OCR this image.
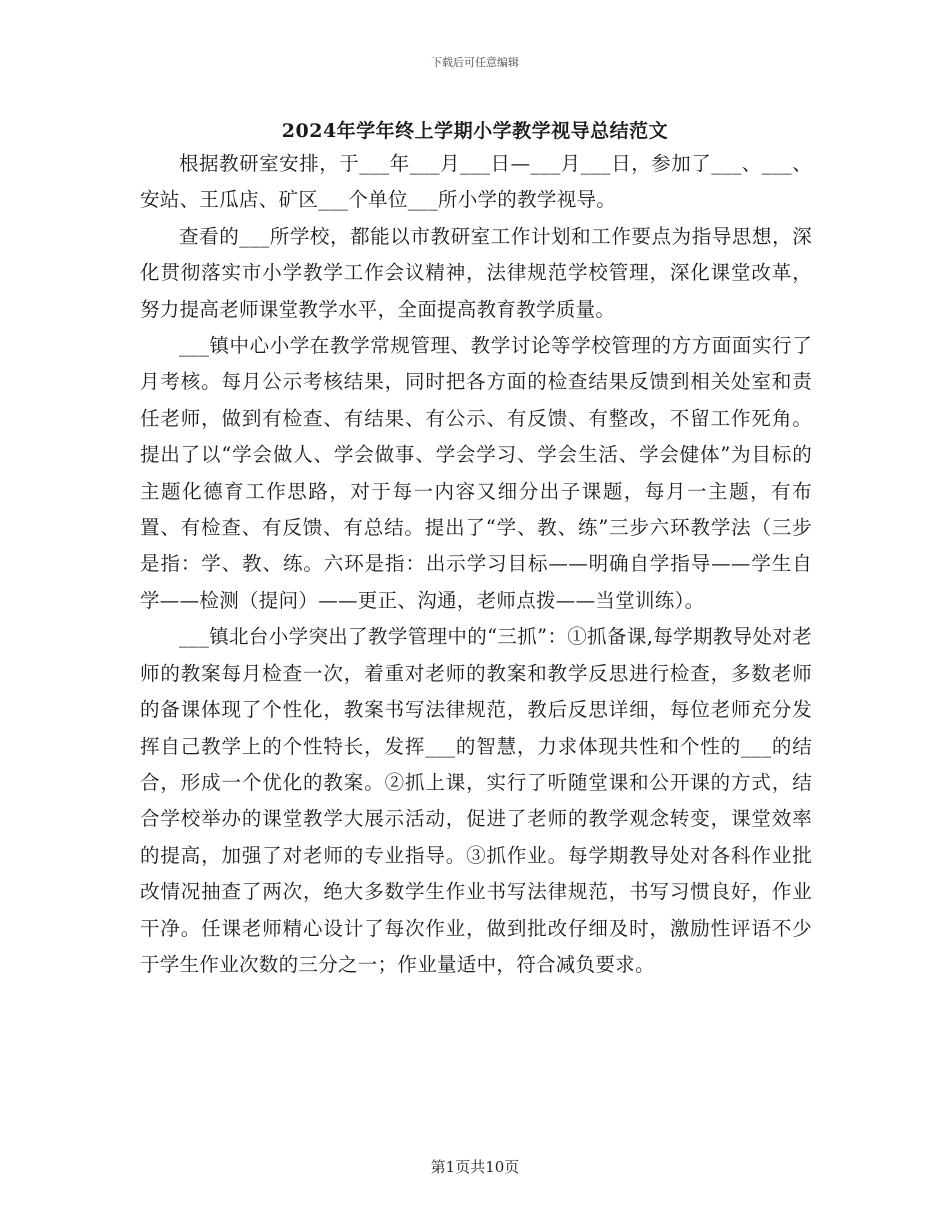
下载后可任意编辑
2024年学年终上学期小学教学视导总结范文

根据教研室安排，于___年___月___日—___月___日，参加了___、___、安站、王瓜店、矿区___个单位___所小学的教学视导。

查看的___所学校，都能以市教研室工作计划和工作要点为指导思想，深化贯彻落实市小学教学工作会议精神，法律规范学校管理，深化课堂改革，努力提高老师课堂教学水平，全面提高教育教学质量。

___镇中心小学在教学常规管理、教学讨论等学校管理的方方面面实行了月考核。每月公示考核结果，同时把各方面的检查结果反馈到相关处室和责任老师，做到有检查、有结果、有公示、有反馈、有整改，不留工作死角。提出了以“学会做人、学会做事、学会学习、学会生活、学会健体”为目标的主题化德育工作思路，对于每一内容又细分出子课题，每月一主题，有布置、有检查、有反馈、有总结。提出了“学、教、练”三步六环教学法（三步是指：学、教、练。六环是指：出示学习目标——明确自学指导——学生自学——检测（提问）——更正、沟通，老师点拨——当堂训练）。

___镇北台小学突出了教学管理中的“三抓”：①抓备课,每学期教导处对老师的教案每月检查一次，着重对老师的教案和教学反思进行检查，多数老师的备课体现了个性化，教案书写法律规范，教后反思详细，每位老师充分发挥自己教学上的个性特长，发挥___的智慧，力求体现共性和个性的___的结合，形成一个优化的教案。②抓上课，实行了听随堂课和公开课的方式，结合学校举办的课堂教学大展示活动，促进了老师的教学观念转变，课堂效率的提高，加强了对老师的专业指导。③抓作业。每学期教导处对各科作业批改情况抽查了两次，绝大多数学生作业书写法律规范，书写习惯良好，作业干净。任课老师精心设计了每次作业，做到批改仔细及时，激励性评语不少于学生作业次数的三分之一；作业量适中，符合减负要求。

第1页共10页
